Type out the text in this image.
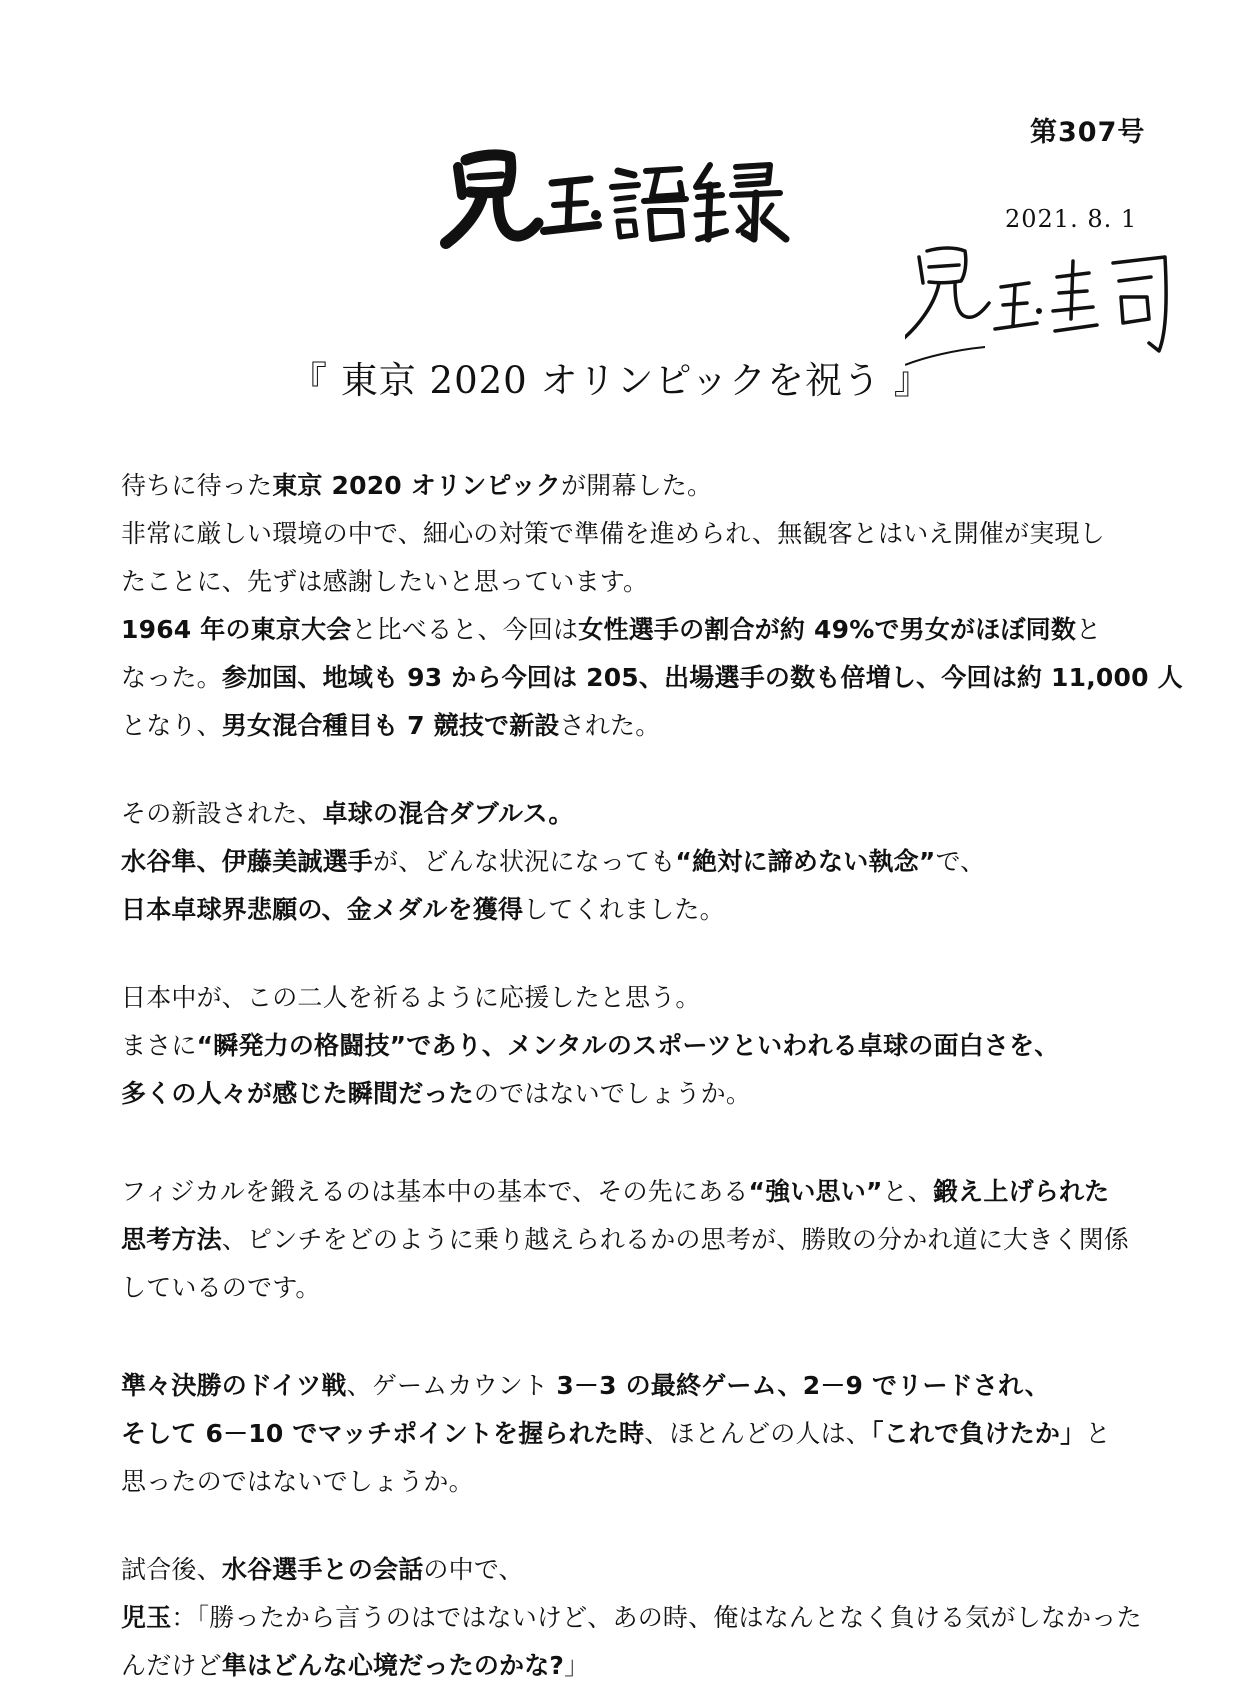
第307号
2021. 8. 1
『 東京 2020 オリンピックを祝う 』
待ちに待った東京 2020 オリンピックが開幕した。
非常に厳しい環境の中で、細心の対策で準備を進められ、無観客とはいえ開催が実現し
たことに、先ずは感謝したいと思っています。
1964 年の東京大会と比べると、今回は女性選手の割合が約 49%で男女がほぼ同数と
なった。参加国、地域も 93 から今回は 205、出場選手の数も倍増し、今回は約 11,000 人
となり、男女混合種目も 7 競技で新設された。
その新設された、卓球の混合ダブルス。
水谷隼、伊藤美誠選手が、どんな状況になっても“絶対に諦めない執念”で、
日本卓球界悲願の、金メダルを獲得してくれました。
日本中が、この二人を祈るように応援したと思う。
まさに“瞬発力の格闘技”であり、メンタルのスポーツといわれる卓球の面白さを、
多くの人々が感じた瞬間だったのではないでしょうか。
フィジカルを鍛えるのは基本中の基本で、その先にある“強い思い”と、鍛え上げられた
思考方法、ピンチをどのように乗り越えられるかの思考が、勝敗の分かれ道に大きく関係
しているのです。
準々決勝のドイツ戦、ゲームカウント 3－3 の最終ゲーム、2－9 でリードされ、
そして 6－10 でマッチポイントを握られた時、ほとんどの人は、「これで負けたか」と
思ったのではないでしょうか。
試合後、水谷選手との会話の中で、
児玉：「勝ったから言うのはではないけど、あの時、俺はなんとなく負ける気がしなかった
んだけど隼はどんな心境だったのかな?」
